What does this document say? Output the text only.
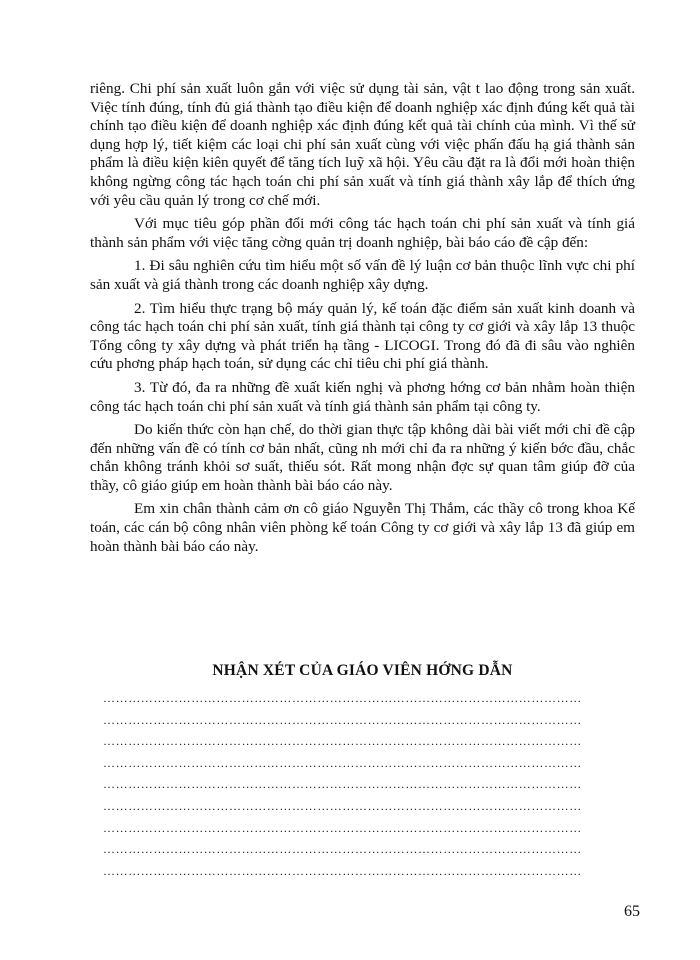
riêng. Chi phí sản xuất luôn gắn với việc sử dụng tài sản, vật t lao động trong sản xuất. Việc tính đúng, tính đủ giá thành tạo điều kiện để doanh nghiệp xác định đúng kết quả tài chính tạo điều kiện để doanh nghiệp xác định đúng kết quả tài chính của mình. Vì thế sử dụng hợp lý, tiết kiệm các loại chi phí sản xuất cùng với việc phấn đấu hạ giá thành sản phẩm là điều kiện kiên quyết để tăng tích luỹ xã hội. Yêu cầu đặt ra là đổi mới hoàn thiện không ngừng công tác hạch toán chi phí sản xuất và tính giá thành xây lắp để thích ứng với yêu cầu quản lý trong cơ chế mới.

Với mục tiêu góp phần đổi mới công tác hạch toán chi phí sản xuất và tính giá thành sản phẩm với việc tăng cờng quản trị doanh nghiệp, bài báo cáo đề cập đến:

1. Đi sâu nghiên cứu tìm hiểu một số vấn đề lý luận cơ bản thuộc lĩnh vực chi phí sản xuất và giá thành trong các doanh nghiệp xây dựng.

2. Tìm hiểu thực trạng bộ máy quản lý, kế toán đặc điểm sản xuất kinh doanh và công tác hạch toán chi phí sản xuất, tính giá thành tại công ty cơ giới và xây lắp 13 thuộc Tổng công ty xây dựng và phát triển hạ tầng - LICOGI. Trong đó đã đi sâu vào nghiên cứu phơng pháp hạch toán, sử dụng các chỉ tiêu chi phí giá thành.

3. Từ đó, đa ra những đề xuất kiến nghị và phơng hớng cơ bản nhằm hoàn thiện công tác hạch toán chi phí sản xuất và tính giá thành sản phẩm tại công ty.

Do kiến thức còn hạn chế, do thời gian thực tập không dài bài viết mới chỉ đề cập đến những vấn đề có tính cơ bản nhất, cũng nh mới chỉ đa ra những ý kiến bớc đầu, chắc chắn không tránh khỏi sơ suất, thiếu sót. Rất mong nhận đợc sự quan tâm giúp đỡ của thầy, cô giáo giúp em hoàn thành bài báo cáo này.

Em xin chân thành cảm ơn cô giáo Nguyễn Thị Thắm, các thầy cô trong khoa Kế toán, các cán bộ công nhân viên phòng kế toán Công ty cơ giới và xây lắp 13 đã giúp em hoàn thành bài báo cáo này.

NHẬN XÉT CỦA GIÁO VIÊN HỚNG DẪN
……………………………………………………………………………………………………
……………………………………………………………………………………………………
……………………………………………………………………………………………………
……………………………………………………………………………………………………
……………………………………………………………………………………………………
……………………………………………………………………………………………………
……………………………………………………………………………………………………
……………………………………………………………………………………………………
……………………………………………………………………………………………………
65
